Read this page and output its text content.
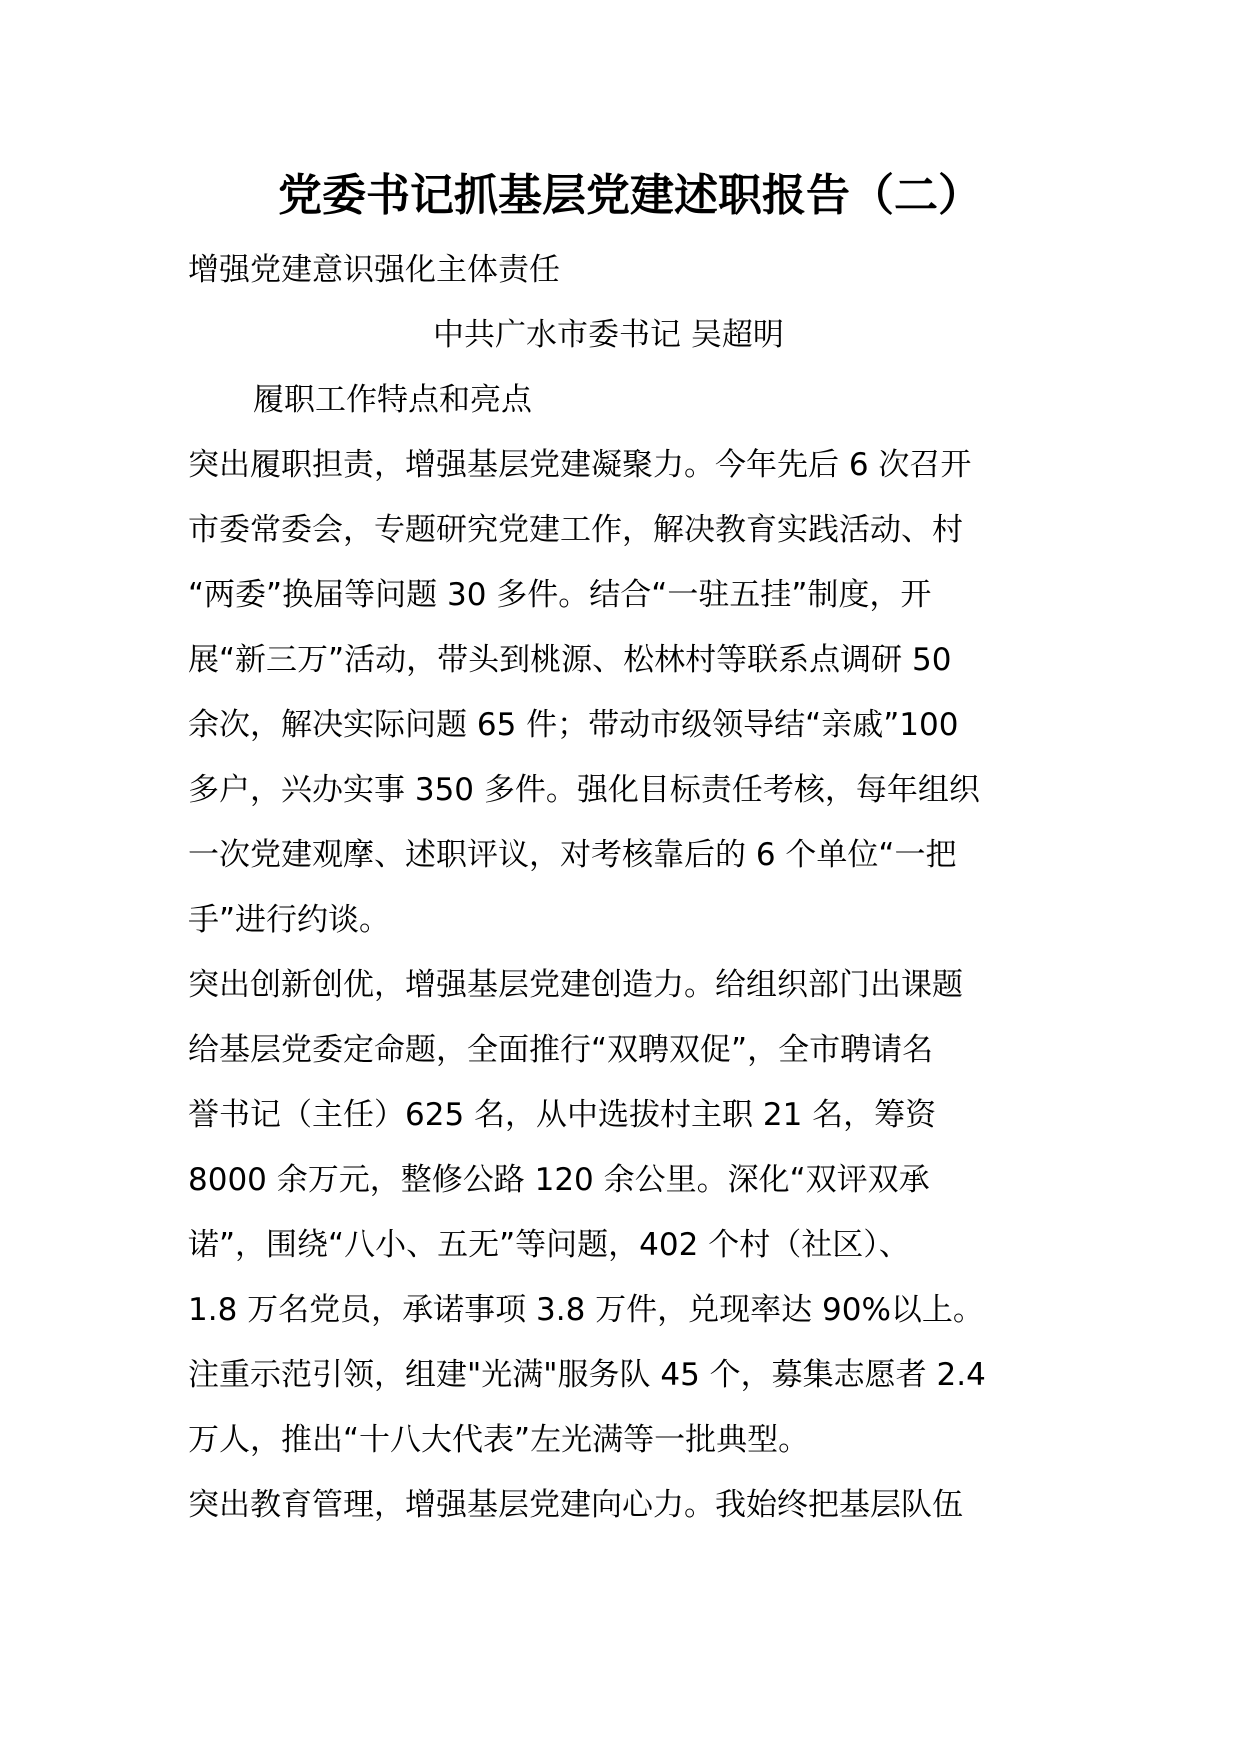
党委书记抓基层党建述职报告（二）
增强党建意识强化主体责任
中共广水市委书记 吴超明
履职工作特点和亮点
突出履职担责，增强基层党建凝聚力。今年先后 6 次召开
市委常委会，专题研究党建工作，解决教育实践活动、村
“两委”换届等问题 30 多件。结合“一驻五挂”制度，开
展“新三万”活动，带头到桃源、松林村等联系点调研 50
余次，解决实际问题 65 件；带动市级领导结“亲戚”100
多户，兴办实事 350 多件。强化目标责任考核，每年组织
一次党建观摩、述职评议，对考核靠后的 6 个单位“一把
手”进行约谈。
突出创新创优，增强基层党建创造力。给组织部门出课题
给基层党委定命题，全面推行“双聘双促”，全市聘请名
誉书记（主任）625 名，从中选拔村主职 21 名，筹资
8000 余万元，整修公路 120 余公里。深化“双评双承
诺”，围绕“八小、五无”等问题，402 个村（社区）、
1.8 万名党员，承诺事项 3.8 万件，兑现率达 90%以上。
注重示范引领，组建"光满"服务队 45 个，募集志愿者 2.4
万人，推出“十八大代表”左光满等一批典型。
突出教育管理，增强基层党建向心力。我始终把基层队伍
